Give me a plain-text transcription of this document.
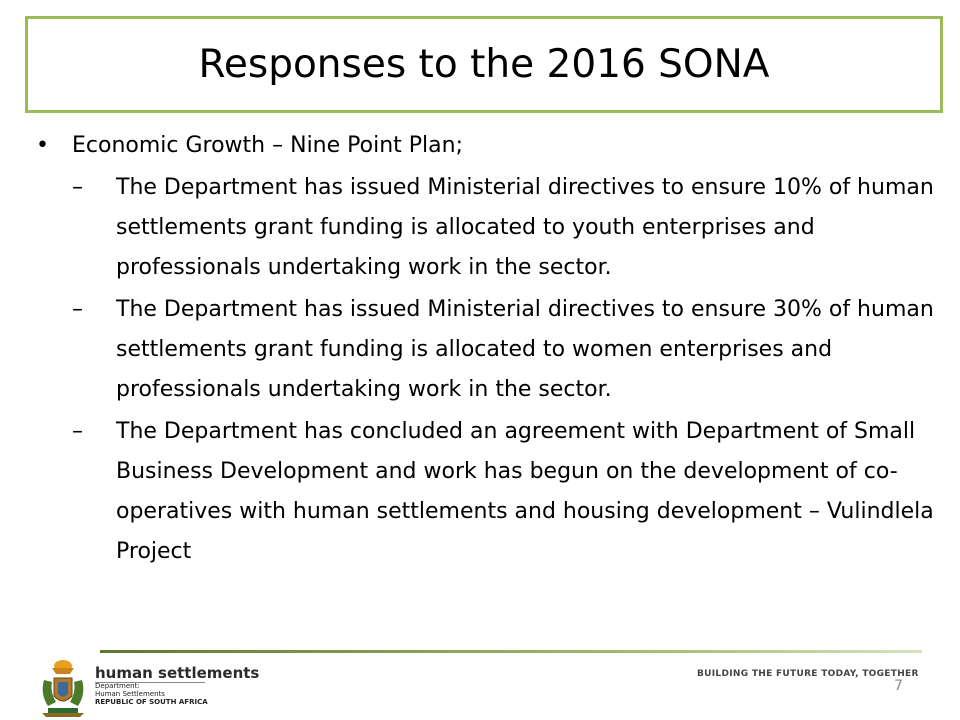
Responses to the 2016 SONA
• Economic Growth – Nine Point Plan;
– The Department has issued Ministerial directives to ensure 10% of human settlements grant funding is allocated to youth enterprises and professionals undertaking work in the sector.
– The Department has issued Ministerial directives to ensure 30% of human settlements grant funding is allocated to women enterprises and professionals undertaking work in the sector.
– The Department has concluded an agreement with Department of Small Business Development and work has begun on the development of co-operatives with human settlements and housing development – Vulindlela Project
human settlements
Department:
Human Settlements
REPUBLIC OF SOUTH AFRICA
BUILDING THE FUTURE TODAY, TOGETHER
7
